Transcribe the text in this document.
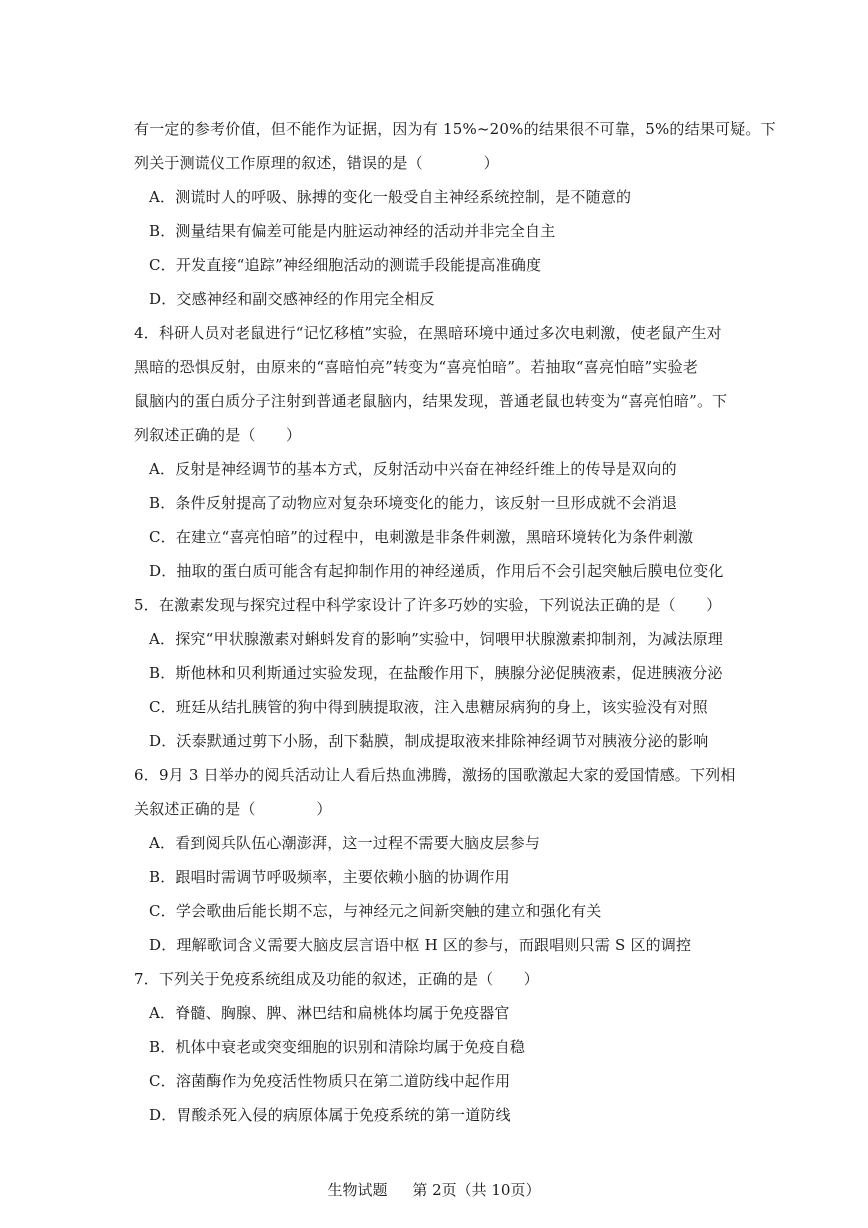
有一定的参考价值，但不能作为证据，因为有 15%~20%的结果很不可靠，5%的结果可疑。下
列关于测谎仪工作原理的叙述，错误的是（　　　　）
A．测谎时人的呼吸、脉搏的变化一般受自主神经系统控制，是不随意的
B．测量结果有偏差可能是内脏运动神经的活动并非完全自主
C．开发直接“追踪”神经细胞活动的测谎手段能提高准确度
D．交感神经和副交感神经的作用完全相反
4．科研人员对老鼠进行“记忆移植”实验，在黑暗环境中通过多次电刺激，使老鼠产生对
黑暗的恐惧反射，由原来的“喜暗怕亮”转变为“喜亮怕暗”。若抽取“喜亮怕暗”实验老
鼠脑内的蛋白质分子注射到普通老鼠脑内，结果发现，普通老鼠也转变为“喜亮怕暗”。下
列叙述正确的是（　　）
A．反射是神经调节的基本方式，反射活动中兴奋在神经纤维上的传导是双向的
B．条件反射提高了动物应对复杂环境变化的能力，该反射一旦形成就不会消退
C．在建立“喜亮怕暗”的过程中，电刺激是非条件刺激，黑暗环境转化为条件刺激
D．抽取的蛋白质可能含有起抑制作用的神经递质，作用后不会引起突触后膜电位变化
5．在激素发现与探究过程中科学家设计了许多巧妙的实验，下列说法正确的是（　　）
A．探究“甲状腺激素对蝌蚪发育的影响”实验中，饲喂甲状腺激素抑制剂，为减法原理
B．斯他林和贝利斯通过实验发现，在盐酸作用下，胰腺分泌促胰液素，促进胰液分泌
C．班廷从结扎胰管的狗中得到胰提取液，注入患糖尿病狗的身上，该实验没有对照
D．沃泰默通过剪下小肠，刮下黏膜，制成提取液来排除神经调节对胰液分泌的影响
6．9月 3 日举办的阅兵活动让人看后热血沸腾，激扬的国歌激起大家的爱国情感。下列相
关叙述正确的是（　　　　）
A．看到阅兵队伍心潮澎湃，这一过程不需要大脑皮层参与
B．跟唱时需调节呼吸频率，主要依赖小脑的协调作用
C．学会歌曲后能长期不忘，与神经元之间新突触的建立和强化有关
D．理解歌词含义需要大脑皮层言语中枢 H 区的参与，而跟唱则只需 S 区的调控
7．下列关于免疫系统组成及功能的叙述，正确的是（　　）
A．脊髓、胸腺、脾、淋巴结和扁桃体均属于免疫器官
B．机体中衰老或突变细胞的识别和清除均属于免疫自稳
C．溶菌酶作为免疫活性物质只在第二道防线中起作用
D．胃酸杀死入侵的病原体属于免疫系统的第一道防线
生物试题 第 2页（共 10页）
